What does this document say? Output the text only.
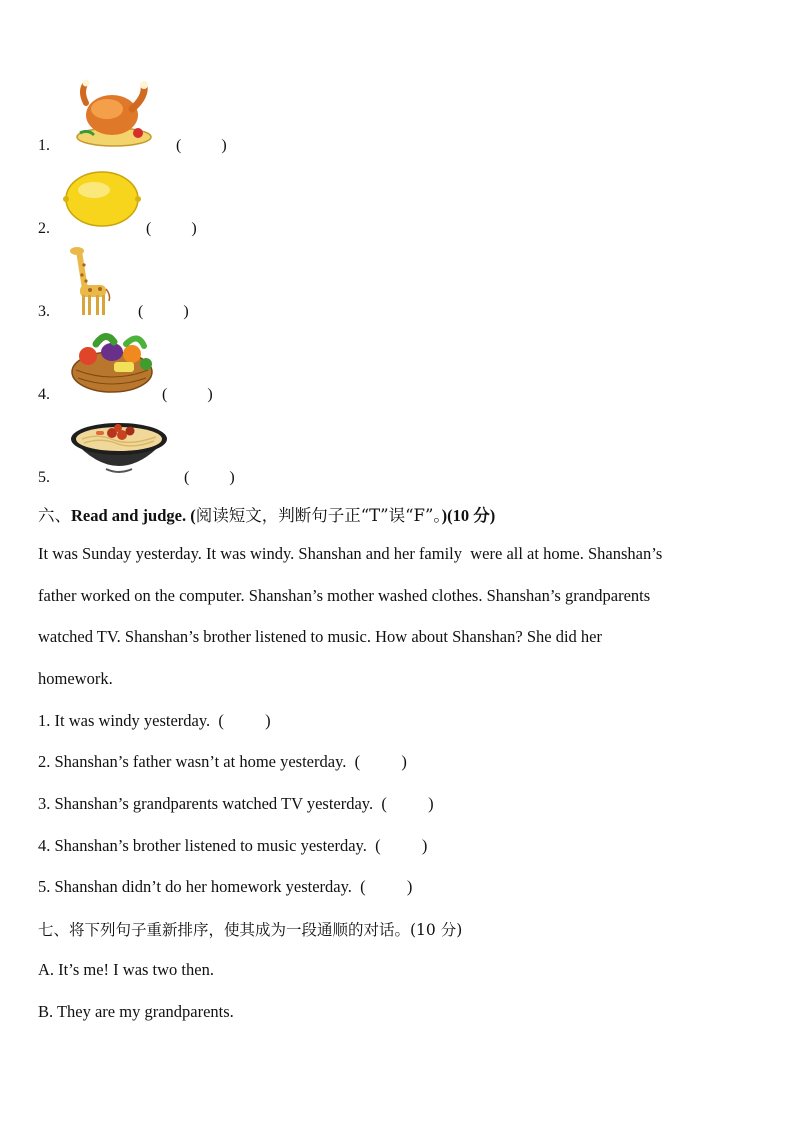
1.	(          )
2.	(          )
3.	(          )
4.	(          )
5.	(          )
六、Read and judge. (阅读短文，判断句子正“T”误“F”。)(10 分)
It was Sunday yesterday. It was windy. Shanshan and her family  were all at home. Shanshan’s
father worked on the computer. Shanshan’s mother washed clothes. Shanshan’s grandparents
watched TV. Shanshan’s brother listened to music. How about Shanshan? She did her
homework.
1. It was windy yesterday.  (          )
2. Shanshan’s father wasn’t at home yesterday.  (          )
3. Shanshan’s grandparents watched TV yesterday.  (          )
4. Shanshan’s brother listened to music yesterday.  (          )
5. Shanshan didn’t do her homework yesterday.  (          )
七、将下列句子重新排序，使其成为一段通顺的对话。(10 分)
A. It’s me! I was two then.
B. They are my grandparents.
